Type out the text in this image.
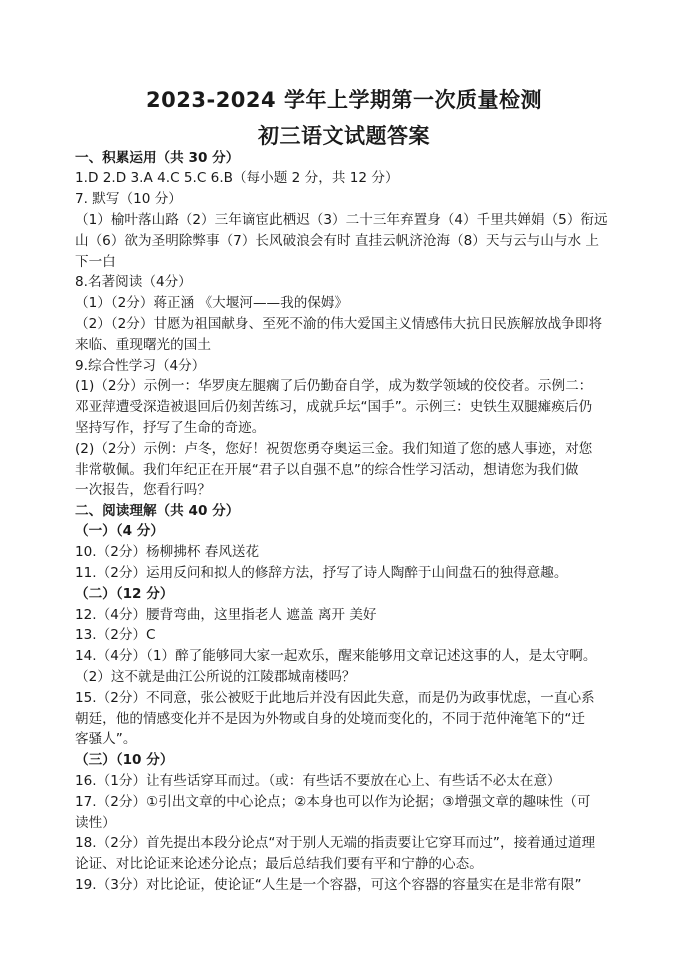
2023-2024 学年上学期第一次质量检测
初三语文试题答案
一、积累运用（共 30 分）
1.D 2.D 3.A 4.C 5.C 6.B（每小题 2 分，共 12 分）
7. 默写（10 分）
（1）榆叶落山路（2）三年谪宦此栖迟（3）二十三年弃置身（4）千里共婵娟（5）衔远
山（6）欲为圣明除弊事（7）长风破浪会有时 直挂云帆济沧海（8）天与云与山与水 上
下一白
8.名著阅读（4分）
（1）（2分）蒋正涵 《大堰河——我的保姆》
（2）（2分）甘愿为祖国献身、至死不渝的伟大爱国主义情感伟大抗日民族解放战争即将
来临、重现曙光的国土
9.综合性学习（4分）
(1)（2分）示例一：华罗庚左腿瘸了后仍勤奋自学，成为数学领域的佼佼者。示例二：
邓亚萍遭受深造被退回后仍刻苦练习，成就乒坛“国手”。示例三：史铁生双腿瘫痪后仍
坚持写作，抒写了生命的奇迹。
(2)（2分）示例：卢冬，您好！祝贺您勇夺奥运三金。我们知道了您的感人事迹，对您
非常敬佩。我们年纪正在开展“君子以自强不息”的综合性学习活动，想请您为我们做
一次报告，您看行吗？
二、阅读理解（共 40 分）
（一）（4 分）
10.（2分）杨柳拂杯 春风送花
11.（2分）运用反问和拟人的修辞方法，抒写了诗人陶醉于山间盘石的独得意趣。
（二）（12 分）
12.（4分）腰背弯曲，这里指老人 遮盖 离开 美好
13.（2分）C
14.（4分）（1）醉了能够同大家一起欢乐，醒来能够用文章记述这事的人，是太守啊。
（2）这不就是曲江公所说的江陵郡城南楼吗？
15.（2分）不同意，张公被贬于此地后并没有因此失意，而是仍为政事忧虑，一直心系
朝廷，他的情感变化并不是因为外物或自身的处境而变化的，不同于范仲淹笔下的“迁
客骚人”。
（三）（10 分）
16.（1分）让有些话穿耳而过。（或：有些话不要放在心上、有些话不必太在意）
17.（2分）①引出文章的中心论点；②本身也可以作为论据；③增强文章的趣味性（可
读性）
18.（2分）首先提出本段分论点“对于别人无端的指责要让它穿耳而过”，接着通过道理
论证、对比论证来论述分论点；最后总结我们要有平和宁静的心态。
19.（3分）对比论证，使论证“人生是一个容器，可这个容器的容量实在是非常有限”
